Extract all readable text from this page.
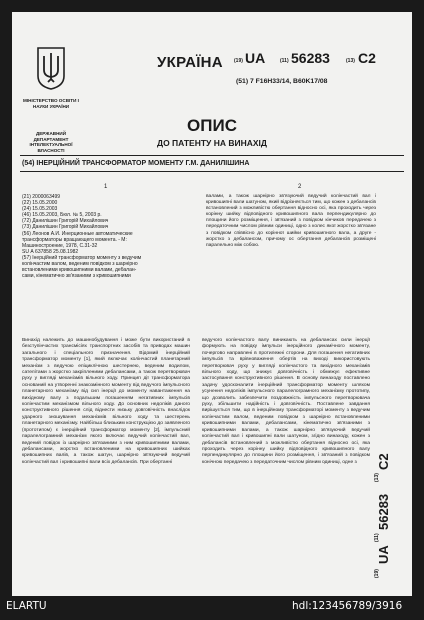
МІНІСТЕРСТВО ОСВІТИ І НАУКИ УКРАЇНИ
ДЕРЖАВНИЙ ДЕПАРТАМЕНТ ІНТЕЛЕКТУАЛЬНОЇ ВЛАСНОСТІ
УКРАЇНА (19) UA	(11) 56283	(13) C2
(51) 7 F16H33/14, B60K17/08
ОПИС
ДО ПАТЕНТУ НА ВИНАХІД
(54) ІНЕРЦІЙНИЙ ТРАНСФОРМАТОР МОМЕНТУ Г.М. ДАНИЛІШИНА
1	2
(21) 2000063499
(22) 15.05.2000
(24) 15.05.2003
(46) 15.05.2003, Бюл. № 5, 2003 р.
(72) Данилішин Григорій Михайлович
(73) Данилішин Григорій Михайлович
(56) Леонов А.И. Инерционные автоматические
трансформаторы вращающего момента. - М:
Машиностроение, 1978, С.31-32
SU А 637858 25.08.1982
(57) Інерційний трансформатор моменту з ведучим
колінчастим валом, веденим повідком з шарнірно
встановленими кривошипними валами, дебалан-
сами, кінематично зв'язаними з кривошипними
валами, а також шарнірно зв'язуючий ведучий колінчастий вал і кривошипні вали шатуном, який відрізняється тим, що кожен з дебалансів встановлений з можливістю обертання відносно осі, яка проходить через корінну шийку відповідного кривошипного вала перпендикулярно до площини його розміщення, і зв'язаний з повідком кінчиков передачею з передаточним числом рівним одиниці, одно з колес якої жорстко зв'язане з повідком співвісно до корінної шийки кривошипного вала, а друге - жорстко з дебалансом, причому ос обертання дебалансів розміщені паралельно між собою.
Винахід належить до машинобудування і може бути використаний в безступінчастих трансмісіях транспортних засобів та приводах машин загального і спеціального призначення. Відомий інерційний трансформатор моменту [1], який включає колінчастий планетарний механізм з ведучою епіциклічною шестернею, веденим водилом, сателітами з жорстко закріпленими дебалансами, а також перетворювач руху у вигляді механізмів вільного ходу. Принцип дії трансформатора оснований на утворенні знакозмінного моменту від ведучого імпульсного планетарного механізму від сил інерції до моменту навантаження на вихідному валу з подальшим погашенням негативних імпульсів колінчастим механізмом вільного ходу. До основних недоліків даного конструктивного рішення слід віднести низьку довговічність внаслідок ударного зношування механізмів вільного ходу та шестерень планетарного механізму. Найбільш близьким конструкцією до заявленого (прототипом) є інерційний трансформатор моменту [2], імпульсний паралелограмний механізм якого включає ведучий колінчастий вал, ведений повідок із шарнірно зв'язаними з ним кривошипними валами, дебалансами, жорстко встановленими на кривошипних шийках кривошипних валів, а також шатун, шарнірно зв'язуючий ведучий колінчастий вал і кривошипні вали всіх дебалансів. При обертанні
ведучого колінчастого валу виникають на дебалансах сили інерції формують на повідку імпульси інерційного динамічного моменту, почергово направлені в протилежні сторони. Для погашення негативних імпульсів та врівноваження обертів на виході використовують перетворювач руху у вигляді колінчастого та вихідного механізмів вільного ходу, що знижує довговічність і обмежує ефективне застосування конструктивного рішення. В основу винаходу поставлено задачу удосконалити інерційний трансформатор моменту шляхом усунення недоліків імпульсного паралелограмного механізму прототипу, що дозволить забезпечити поздовжність імпульсного перетворювача руху, збільшити надійність і довговічність. Поставлене завдання вирішується тим, що в інерційному трансформаторі моменту з ведучим колінчастим валом, веденим повідком з шарнірно встановленими кривошипними валами, дебалансами, кінематично зв'язаними з кривошипними валами, а також шарнірно зв'язуючий ведучий колінчастий вал і кривошипні вали шатуном, згідно винаходу, кожен з дебалансів встановлений з можливістю обертання відносно осі, яка проходить через корінну шийку відповідного кривошипного валу перпендикулярно до площини його розміщення, і зв'язаний з повідком конічною передачею з передаточним числом рівним одиниці, одне з
(19)
UA
(11)
56283
(13)
C2
ELARTU	hdl:123456789/3916
